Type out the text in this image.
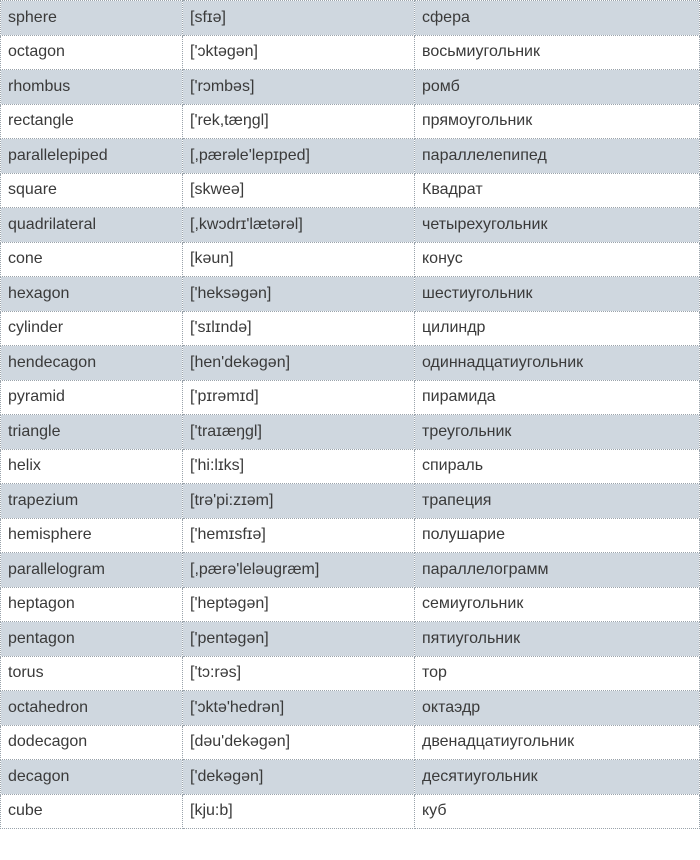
sphere	[sfɪə]	сфера
octagon	['ɔktəgən]	восьмиугольник
rhombus	['rɔmbəs]	ромб
rectangle	['rek,tæŋgl]	прямоугольник
parallelepiped	[,pærəle'lepɪped]	параллелепипед
square	[skweə]	Квадрат
quadrilateral	[,kwɔdrɪ'lætərəl]	четырехугольник
cone	[kəun]	конус
hexagon	['heksəgən]	шестиугольник
cylinder	['sɪlɪndə]	цилиндр
hendecagon	[hen'dekəgən]	одиннадцатиугольник
pyramid	['pɪrəmɪd]	пирамида
triangle	['traɪæŋgl]	треугольник
helix	['hi:lɪks]	спираль
trapezium	[trə'pi:zɪəm]	трапеция
hemisphere	['hemɪsfɪə]	полушарие
parallelogram	[,pærə'leləugræm]	параллелограмм
heptagon	['heptəgən]	семиугольник
pentagon	['pentəgən]	пятиугольник
torus	['tɔ:rəs]	тор
octahedron	['ɔktə'hedrən]	октаэдр
dodecagon	[dəu'dekəgən]	двенадцатиугольник
decagon	['dekəgən]	десятиугольник
cube	[kju:b]	куб
